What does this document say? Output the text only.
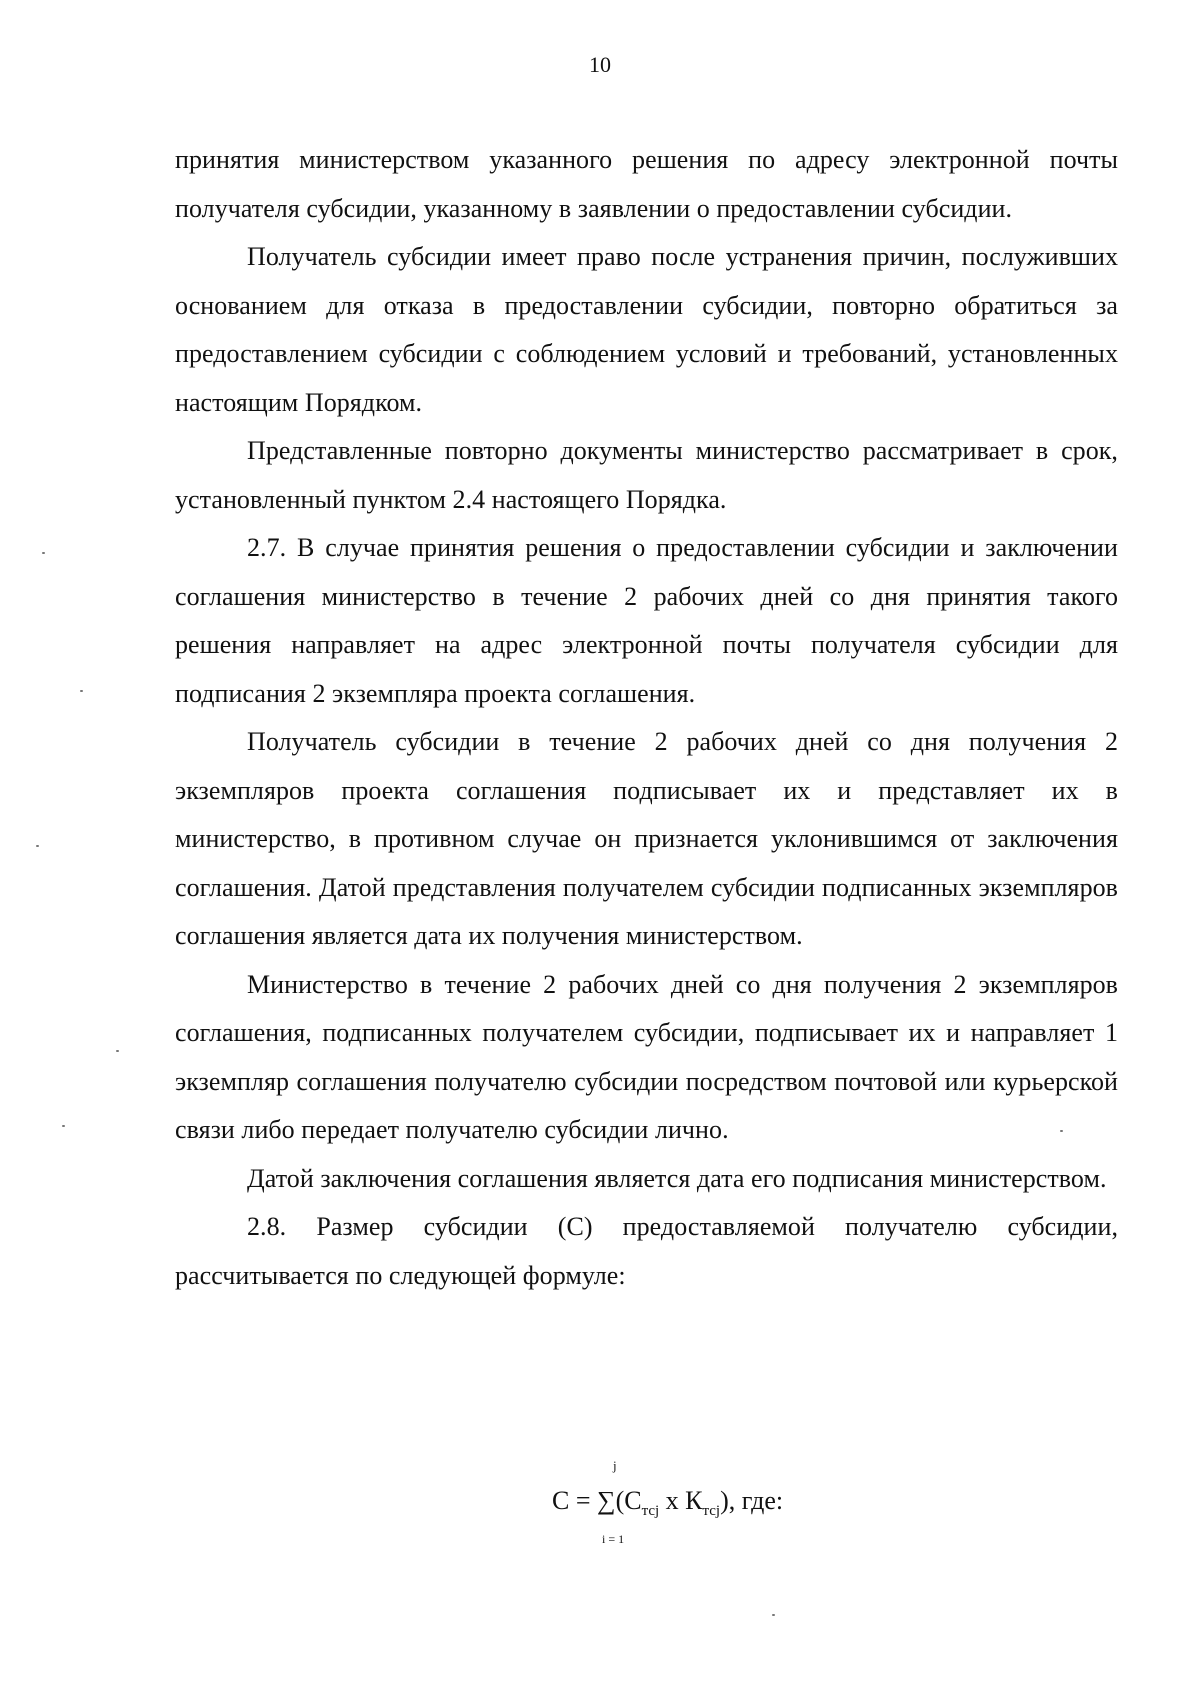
10

принятия министерством указанного решения по адресу электронной почты получателя субсидии, указанному в заявлении о предоставлении субсидии.

Получатель субсидии имеет право после устранения причин, послуживших основанием для отказа в предоставлении субсидии, повторно обратиться за предоставлением субсидии с соблюдением условий и требований, установленных настоящим Порядком.

Представленные повторно документы министерство рассматривает в срок, установленный пунктом 2.4 настоящего Порядка.

2.7. В случае принятия решения о предоставлении субсидии и заключении соглашения министерство в течение 2 рабочих дней со дня принятия такого решения направляет на адрес электронной почты получателя субсидии для подписания 2 экземпляра проекта соглашения.

Получатель субсидии в течение 2 рабочих дней со дня получения 2 экземпляров проекта соглашения подписывает их и представляет их в министерство, в противном случае он признается уклонившимся от заключения соглашения. Датой представления получателем субсидии подписанных экземпляров соглашения является дата их получения министерством.

Министерство в течение 2 рабочих дней со дня получения 2 экземпляров соглашения, подписанных получателем субсидии, подписывает их и направляет 1 экземпляр соглашения получателю субсидии посредством почтовой или курьерской связи либо передает получателю субсидии лично.

Датой заключения соглашения является дата его подписания министерством.

2.8. Размер субсидии (С) предоставляемой получателю субсидии, рассчитывается по следующей формуле:

j
$С = \sum(С_{тсj}$ x $К_{тсj}$), где:
i = 1
